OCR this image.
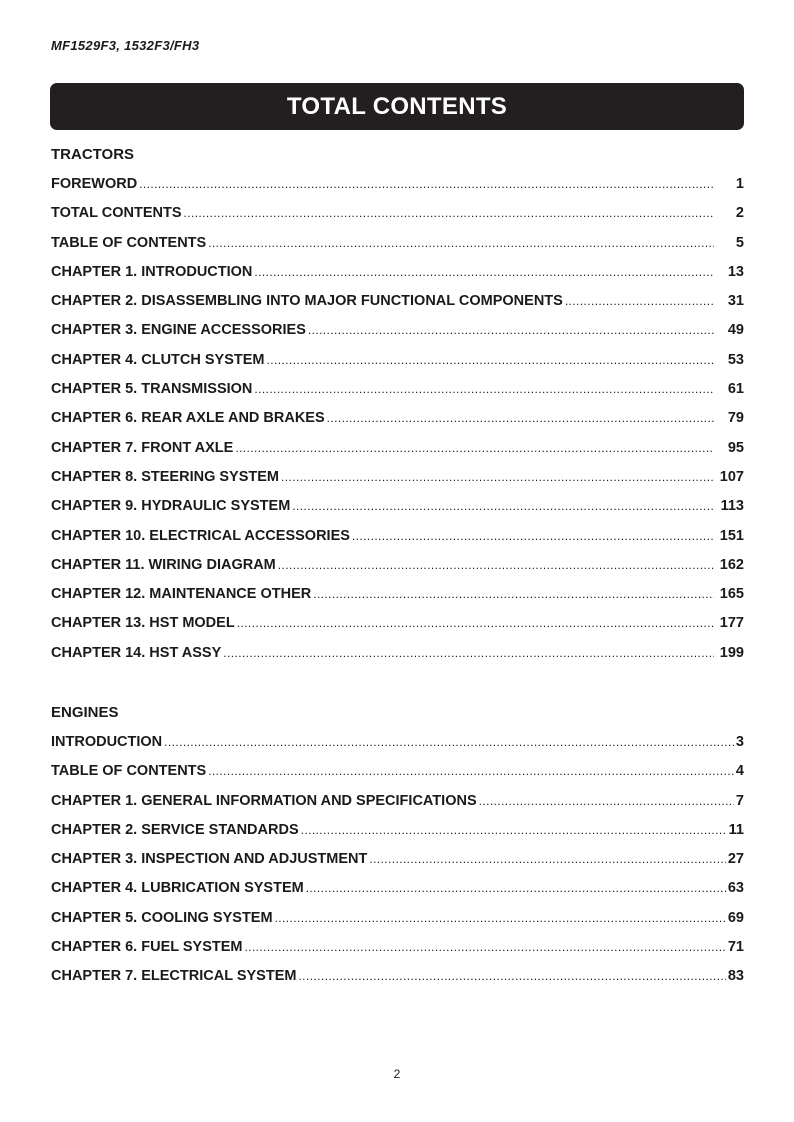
MF1529F3, 1532F3/FH3
TOTAL CONTENTS
TRACTORS
FOREWORD .....	1
TOTAL CONTENTS .....	2
TABLE OF CONTENTS .....	5
CHAPTER 1. INTRODUCTION .....	13
CHAPTER 2. DISASSEMBLING INTO MAJOR FUNCTIONAL COMPONENTS .....	31
CHAPTER 3. ENGINE ACCESSORIES .....	49
CHAPTER 4. CLUTCH SYSTEM .....	53
CHAPTER 5. TRANSMISSION .....	61
CHAPTER 6. REAR AXLE AND BRAKES .....	79
CHAPTER 7. FRONT AXLE .....	95
CHAPTER 8. STEERING SYSTEM .....	107
CHAPTER 9. HYDRAULIC SYSTEM .....	113
CHAPTER 10. ELECTRICAL ACCESSORIES .....	151
CHAPTER 11. WIRING DIAGRAM .....	162
CHAPTER 12. MAINTENANCE OTHER .....	165
CHAPTER 13. HST MODEL .....	177
CHAPTER 14. HST ASSY .....	199
ENGINES
INTRODUCTION .....	3
TABLE OF CONTENTS .....	4
CHAPTER 1. GENERAL INFORMATION AND SPECIFICATIONS .....	7
CHAPTER 2. SERVICE STANDARDS .....	11
CHAPTER 3. INSPECTION AND ADJUSTMENT .....	27
CHAPTER 4. LUBRICATION SYSTEM .....	63
CHAPTER 5. COOLING SYSTEM .....	69
CHAPTER 6. FUEL SYSTEM .....	71
CHAPTER 7. ELECTRICAL SYSTEM .....	83
2
